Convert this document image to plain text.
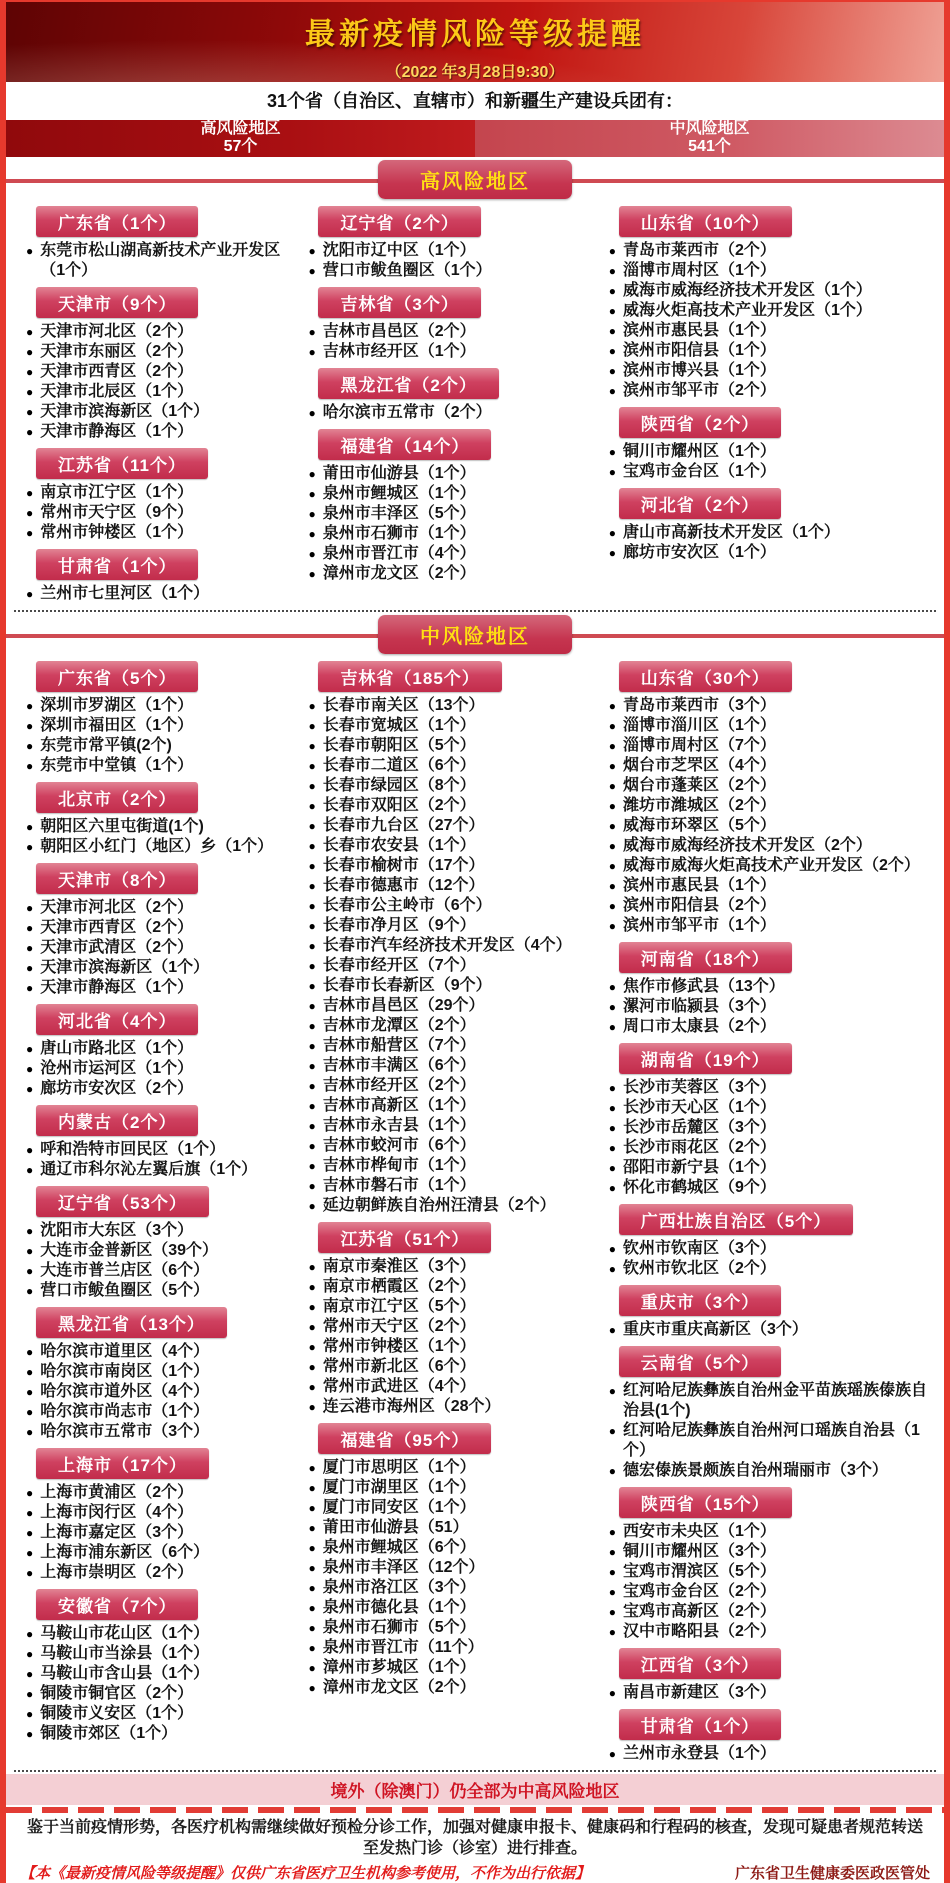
最新疫情风险等级提醒
（2022 年3月28日9:30）
31个省（自治区、直辖市）和新疆生产建设兵团有：
高风险地区
57个
中风险地区
541个
高风险地区
广东省（1个）
● 东莞市松山湖高新技术产业开发区（1个）
天津市（9个）
● 天津市河北区（2个）
● 天津市东丽区（2个）
● 天津市西青区（2个）
● 天津市北辰区（1个）
● 天津市滨海新区（1个）
● 天津市静海区（1个）
江苏省（11个）
● 南京市江宁区（1个）
● 常州市天宁区（9个）
● 常州市钟楼区（1个）
甘肃省（1个）
● 兰州市七里河区（1个）
辽宁省（2个）
● 沈阳市辽中区（1个）
● 营口市鲅鱼圈区（1个）
吉林省（3个）
● 吉林市昌邑区（2个）
● 吉林市经开区（1个）
黑龙江省（2个）
● 哈尔滨市五常市（2个）
福建省（14个）
● 莆田市仙游县（1个）
● 泉州市鲤城区（1个）
● 泉州市丰泽区（5个）
● 泉州市石狮市（1个）
● 泉州市晋江市（4个）
● 漳州市龙文区（2个）
山东省（10个）
● 青岛市莱西市（2个）
● 淄博市周村区（1个）
● 威海市威海经济技术开发区（1个）
● 威海火炬高技术产业开发区（1个）
● 滨州市惠民县（1个）
● 滨州市阳信县（1个）
● 滨州市博兴县（1个）
● 滨州市邹平市（2个）
陕西省（2个）
● 铜川市耀州区（1个）
● 宝鸡市金台区（1个）
河北省（2个）
● 唐山市高新技术开发区（1个）
● 廊坊市安次区（1个）
中风险地区
广东省（5个）
● 深圳市罗湖区（1个）
● 深圳市福田区（1个）
● 东莞市常平镇(2个)
● 东莞市中堂镇（1个）
北京市（2个）
● 朝阳区六里屯街道(1个)
● 朝阳区小红门（地区）乡（1个）
天津市（8个）
● 天津市河北区（2个）
● 天津市西青区（2个）
● 天津市武清区（2个）
● 天津市滨海新区（1个）
● 天津市静海区（1个）
河北省（4个）
● 唐山市路北区（1个）
● 沧州市运河区（1个）
● 廊坊市安次区（2个）
内蒙古（2个）
● 呼和浩特市回民区（1个）
● 通辽市科尔沁左翼后旗（1个）
辽宁省（53个）
● 沈阳市大东区（3个）
● 大连市金普新区（39个）
● 大连市普兰店区（6个）
● 营口市鲅鱼圈区（5个）
黑龙江省（13个）
● 哈尔滨市道里区（4个）
● 哈尔滨市南岗区（1个）
● 哈尔滨市道外区（4个）
● 哈尔滨市尚志市（1个）
● 哈尔滨市五常市（3个）
上海市（17个）
● 上海市黄浦区（2个）
● 上海市闵行区（4个）
● 上海市嘉定区（3个）
● 上海市浦东新区（6个）
● 上海市崇明区（2个）
安徽省（7个）
● 马鞍山市花山区（1个）
● 马鞍山市当涂县（1个）
● 马鞍山市含山县（1个）
● 铜陵市铜官区（2个）
● 铜陵市义安区（1个）
● 铜陵市郊区（1个）
吉林省（185个）
● 长春市南关区（13个）
● 长春市宽城区（1个）
● 长春市朝阳区（5个）
● 长春市二道区（6个）
● 长春市绿园区（8个）
● 长春市双阳区（2个）
● 长春市九台区（27个）
● 长春市农安县（1个）
● 长春市榆树市（17个）
● 长春市德惠市（12个）
● 长春市公主岭市（6个）
● 长春市净月区（9个）
● 长春市汽车经济技术开发区（4个）
● 长春市经开区（7个）
● 长春市长春新区（9个）
● 吉林市昌邑区（29个）
● 吉林市龙潭区（2个）
● 吉林市船营区（7个）
● 吉林市丰满区（6个）
● 吉林市经开区（2个）
● 吉林市高新区（1个）
● 吉林市永吉县（1个）
● 吉林市蛟河市（6个）
● 吉林市桦甸市（1个）
● 吉林市磐石市（1个）
● 延边朝鲜族自治州汪清县（2个）
江苏省（51个）
● 南京市秦淮区（3个）
● 南京市栖霞区（2个）
● 南京市江宁区（5个）
● 常州市天宁区（2个）
● 常州市钟楼区（1个）
● 常州市新北区（6个）
● 常州市武进区（4个）
● 连云港市海州区（28个）
福建省（95个）
● 厦门市思明区（1个）
● 厦门市湖里区（1个）
● 厦门市同安区（1个）
● 莆田市仙游县（51）
● 泉州市鲤城区（6个）
● 泉州市丰泽区（12个）
● 泉州市洛江区（3个）
● 泉州市德化县（1个）
● 泉州市石狮市（5个）
● 泉州市晋江市（11个）
● 漳州市芗城区（1个）
● 漳州市龙文区（2个）
山东省（30个）
● 青岛市莱西市（3个）
● 淄博市淄川区（1个）
● 淄博市周村区（7个）
● 烟台市芝罘区（4个）
● 烟台市蓬莱区（2个）
● 潍坊市潍城区（2个）
● 威海市环翠区（5个）
● 威海市威海经济技术开发区（2个）
● 威海市威海火炬高技术产业开发区（2个）
● 滨州市惠民县（1个）
● 滨州市阳信县（2个）
● 滨州市邹平市（1个）
河南省（18个）
● 焦作市修武县（13个）
● 漯河市临颍县（3个）
● 周口市太康县（2个）
湖南省（19个）
● 长沙市芙蓉区（3个）
● 长沙市天心区（1个）
● 长沙市岳麓区（3个）
● 长沙市雨花区（2个）
● 邵阳市新宁县（1个）
● 怀化市鹤城区（9个）
广西壮族自治区（5个）
● 钦州市钦南区（3个）
● 钦州市钦北区（2个）
重庆市（3个）
● 重庆市重庆高新区（3个）
云南省（5个）
● 红河哈尼族彝族自治州金平苗族瑶族傣族自治县(1个)
● 红河哈尼族彝族自治州河口瑶族自治县（1个）
● 德宏傣族景颇族自治州瑞丽市（3个）
陕西省（15个）
● 西安市未央区（1个）
● 铜川市耀州区（3个）
● 宝鸡市渭滨区（5个）
● 宝鸡市金台区（2个）
● 宝鸡市高新区（2个）
● 汉中市略阳县（2个）
江西省（3个）
● 南昌市新建区（3个）
甘肃省（1个）
● 兰州市永登县（1个）
境外（除澳门）仍全部为中高风险地区
鉴于当前疫情形势，各医疗机构需继续做好预检分诊工作，加强对健康申报卡、健康码和行程码的核查，发现可疑患者规范转送至发热门诊（诊室）进行排查。
【本《最新疫情风险等级提醒》仅供广东省医疗卫生机构参考使用，不作为出行依据】	广东省卫生健康委医政医管处
